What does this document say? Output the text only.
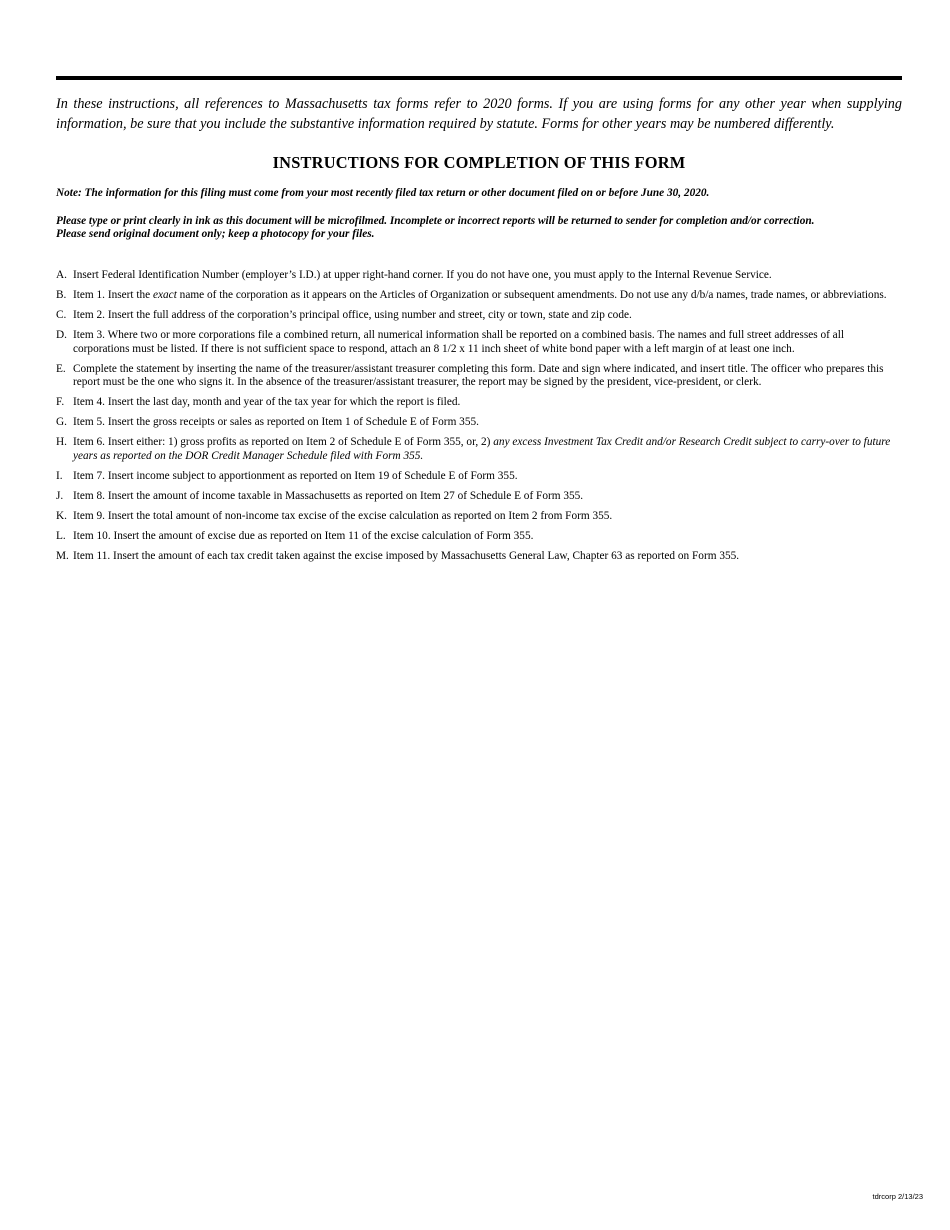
In these instructions, all references to Massachusetts tax forms refer to 2020 forms. If you are using forms for any other year when supplying information, be sure that you include the substantive information required by statute. Forms for other years may be numbered differently.
INSTRUCTIONS FOR COMPLETION OF THIS FORM
Note: The information for this filing must come from your most recently filed tax return or other document filed on or before June 30, 2020.
Please type or print clearly in ink as this document will be microfilmed. Incomplete or incorrect reports will be returned to sender for completion and/or correction.
Please send original document only; keep a photocopy for your files.
A. Insert Federal Identification Number (employer’s I.D.) at upper right-hand corner. If you do not have one, you must apply to the Internal Revenue Service.
B. Item 1. Insert the exact name of the corporation as it appears on the Articles of Organization or subsequent amendments. Do not use any d/b/a names, trade names, or abbreviations.
C. Item 2. Insert the full address of the corporation’s principal office, using number and street, city or town, state and zip code.
D. Item 3. Where two or more corporations file a combined return, all numerical information shall be reported on a combined basis. The names and full street addresses of all corporations must be listed. If there is not sufficient space to respond, attach an 8 1/2 x 11 inch sheet of white bond paper with a left margin of at least one inch.
E. Complete the statement by inserting the name of the treasurer/assistant treasurer completing this form. Date and sign where indicated, and insert title. The officer who prepares this report must be the one who signs it. In the absence of the treasurer/assistant treasurer, the report may be signed by the president, vice-president, or clerk.
F. Item 4. Insert the last day, month and year of the tax year for which the report is filed.
G. Item 5. Insert the gross receipts or sales as reported on Item 1 of Schedule E of Form 355.
H. Item 6. Insert either: 1) gross profits as reported on Item 2 of Schedule E of Form 355, or, 2) any excess Investment Tax Credit and/or Research Credit subject to carry-over to future years as reported on the DOR Credit Manager Schedule filed with Form 355.
I. Item 7. Insert income subject to apportionment as reported on Item 19 of Schedule E of Form 355.
J. Item 8. Insert the amount of income taxable in Massachusetts as reported on Item 27 of Schedule E of Form 355.
K. Item 9. Insert the total amount of non-income tax excise of the excise calculation as reported on Item 2 from Form 355.
L. Item 10. Insert the amount of excise due as reported on Item 11 of the excise calculation of Form 355.
M. Item 11. Insert the amount of each tax credit taken against the excise imposed by Massachusetts General Law, Chapter 63 as reported on Form 355.
tdrcorp 2/13/23
